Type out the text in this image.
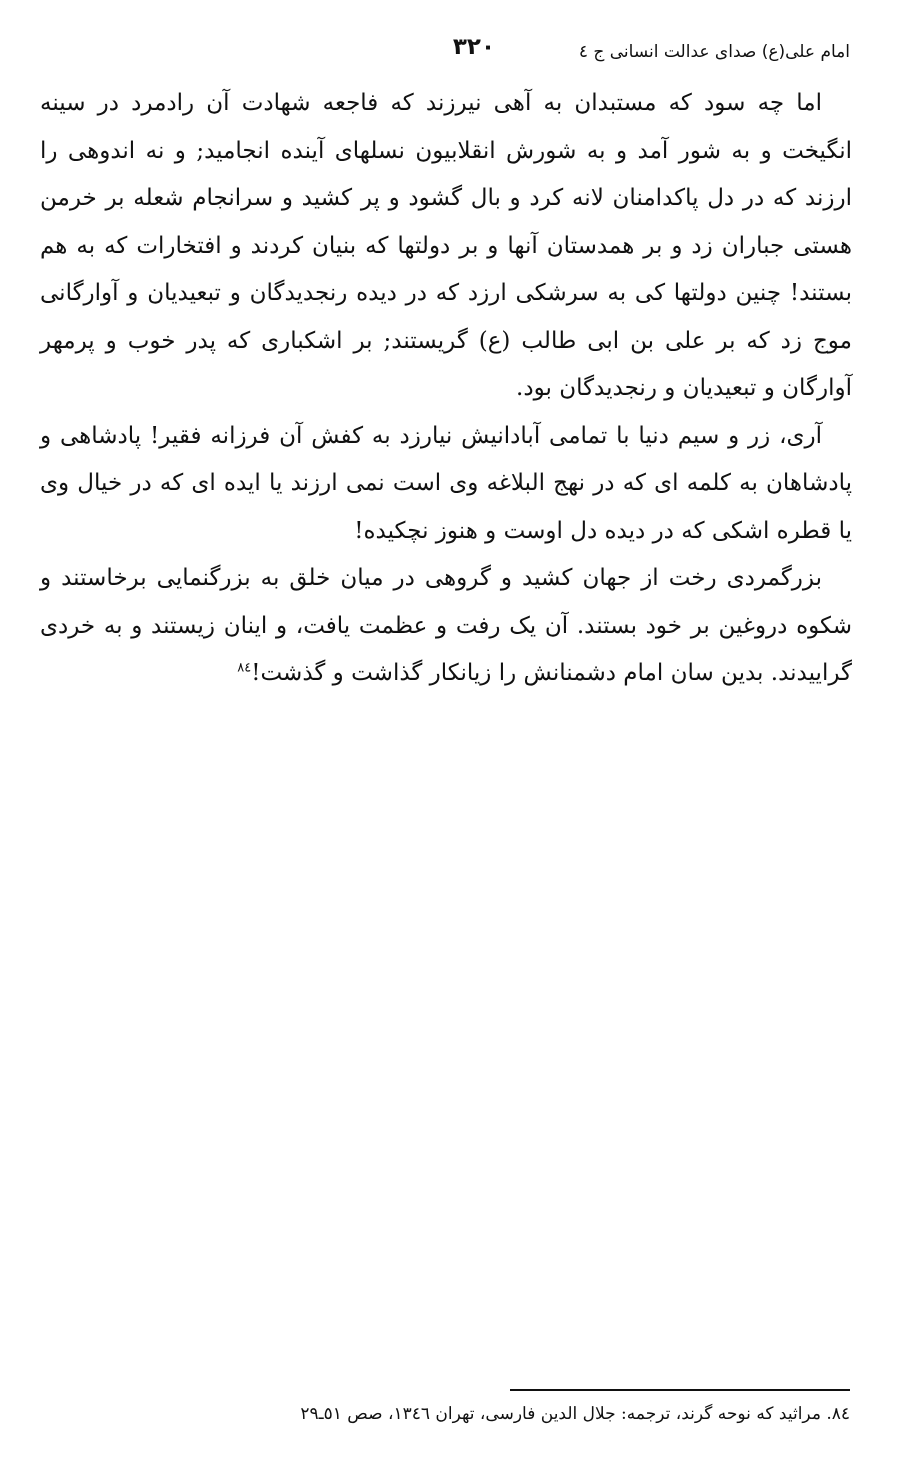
امام علی(ع) صدای عدالت انسانی ج ٤
٣٢٠

اما چه سود که مستبدان به آهی نیرزند که فاجعه شهادت آن رادمرد در سینه انگیخت و به شور آمد و به شورش انقلابیون نسلهای آینده انجامید; و نه اندوهی را ارزند که در دل پاکدامنان لانه کرد و بال گشود و پر کشید و سرانجام شعله بر خرمن هستی جباران زد و بر همدستان آنها و بر دولتها که بنیان کردند و افتخارات که به هم بستند! چنین دولتها کی به سرشکی ارزد که در دیده رنجدیدگان و تبعیدیان و آوارگانی موج زد که بر علی بن ابی طالب (ع) گریستند; بر اشکباری که پدر خوب و پرمهر آوارگان و تبعیدیان و رنجدیدگان بود.

آری، زر و سیم دنیا با تمامی آبادانیش نیارزد به کفش آن فرزانه فقیر! پادشاهی و پادشاهان به کلمه ای که در نهج البلاغه وی است نمی ارزند یا ایده ای که در خیال وی یا قطره اشکی که در دیده دل اوست و هنوز نچکیده!

بزرگمردی رخت از جهان کشید و گروهی در میان خلق به بزرگنمایی برخاستند و شکوه دروغین بر خود بستند. آن یک رفت و عظمت یافت، و اینان زیستند و به خردی گراییدند. بدین سان امام دشمنانش را زیانکار گذاشت و گذشت!$^{٨٤}$

٨٤. مراثید که نوحه گرند، ترجمه: جلال الدین فارسی، تهران ١٣٤٦، صص ٥١ـ٢٩
